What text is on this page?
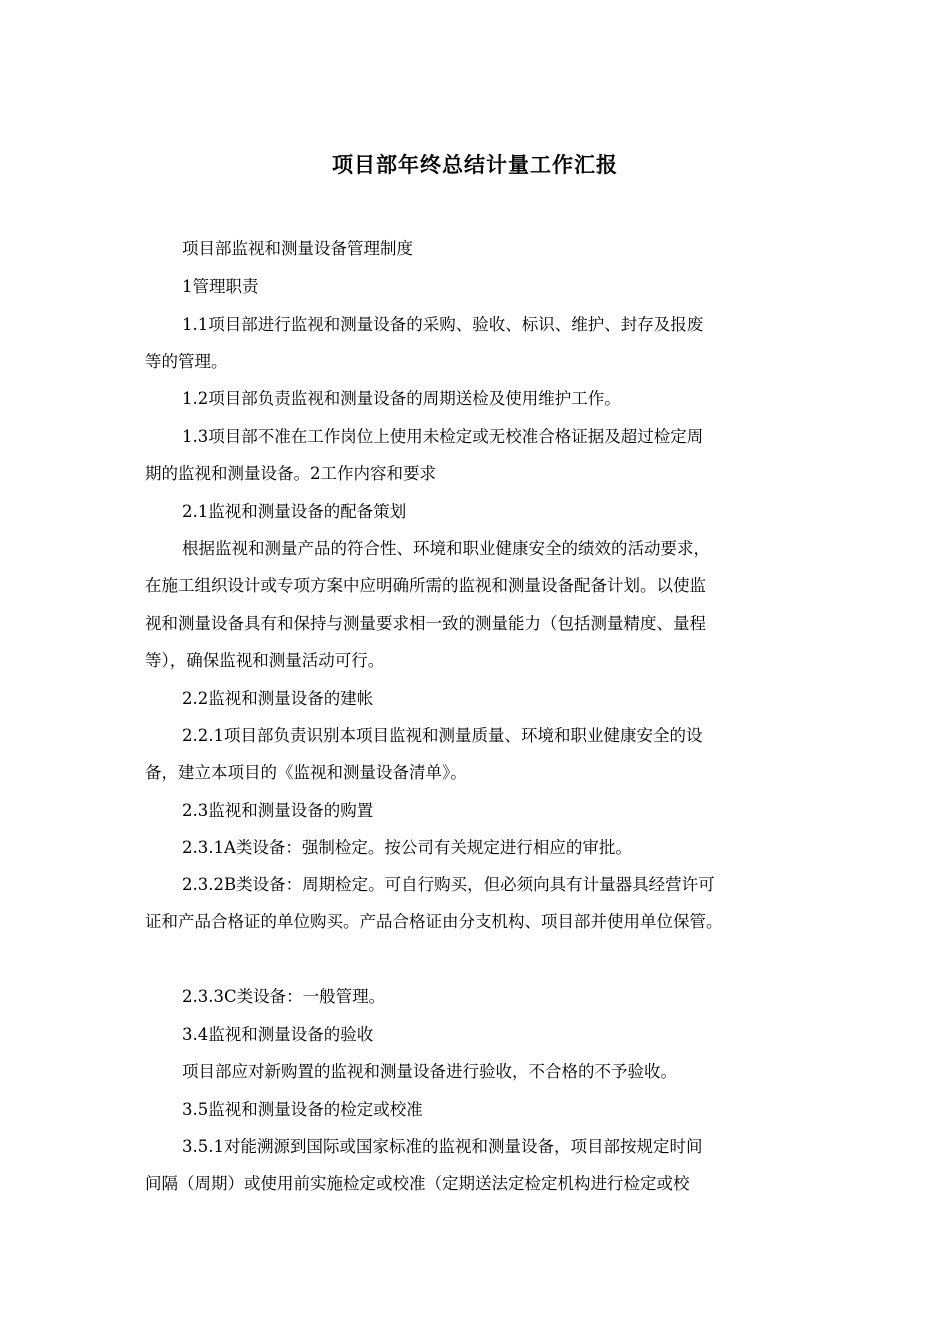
项目部年终总结计量工作汇报
项目部监视和测量设备管理制度
1管理职责
1.1项目部进行监视和测量设备的采购、验收、标识、维护、封存及报废
等的管理。
1.2项目部负责监视和测量设备的周期送检及使用维护工作。
1.3项目部不准在工作岗位上使用未检定或无校准合格证据及超过检定周
期的监视和测量设备。2工作内容和要求
2.1监视和测量设备的配备策划
根据监视和测量产品的符合性、环境和职业健康安全的绩效的活动要求，
在施工组织设计或专项方案中应明确所需的监视和测量设备配备计划。以使监
视和测量设备具有和保持与测量要求相一致的测量能力（包括测量精度、量程
等），确保监视和测量活动可行。
2.2监视和测量设备的建帐
2.2.1项目部负责识别本项目监视和测量质量、环境和职业健康安全的设
备，建立本项目的《监视和测量设备清单》。
2.3监视和测量设备的购置
2.3.1A类设备：强制检定。按公司有关规定进行相应的审批。
2.3.2B类设备：周期检定。可自行购买，但必须向具有计量器具经营许可
证和产品合格证的单位购买。产品合格证由分支机构、项目部并使用单位保管。
2.3.3C类设备：一般管理。
3.4监视和测量设备的验收
项目部应对新购置的监视和测量设备进行验收，不合格的不予验收。
3.5监视和测量设备的检定或校准
3.5.1对能溯源到国际或国家标准的监视和测量设备，项目部按规定时间
间隔（周期）或使用前实施检定或校准（定期送法定检定机构进行检定或校
